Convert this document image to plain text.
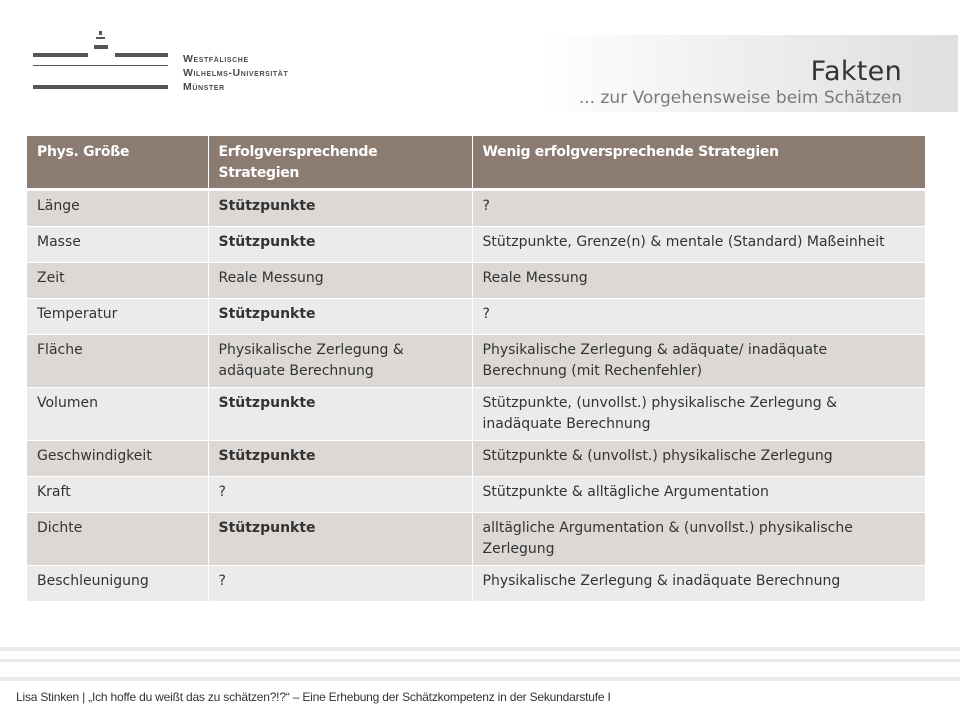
Westfälische
Wilhelms-Universität
Münster	Fakten
... zur Vorgehensweise beim Schätzen
Phys. Größe	Erfolgversprechende Strategien	Wenig erfolgversprechende Strategien
Länge	Stützpunkte	?
Masse	Stützpunkte	Stützpunkte, Grenze(n) & mentale (Standard) Maßeinheit
Zeit	Reale Messung	Reale Messung
Temperatur	Stützpunkte	?
Fläche	Physikalische Zerlegung & adäquate Berechnung	Physikalische Zerlegung & adäquate/ inadäquate Berechnung (mit Rechenfehler)
Volumen	Stützpunkte	Stützpunkte, (unvollst.) physikalische Zerlegung & inadäquate Berechnung
Geschwindigkeit	Stützpunkte	Stützpunkte & (unvollst.) physikalische Zerlegung
Kraft	?	Stützpunkte & alltägliche Argumentation
Dichte	Stützpunkte	alltägliche Argumentation & (unvollst.) physikalische Zerlegung
Beschleunigung	?	Physikalische Zerlegung & inadäquate Berechnung
Lisa Stinken | „Ich hoffe du weißt das zu schätzen?!?“ – Eine Erhebung der Schätzkompetenz in der Sekundarstufe I
